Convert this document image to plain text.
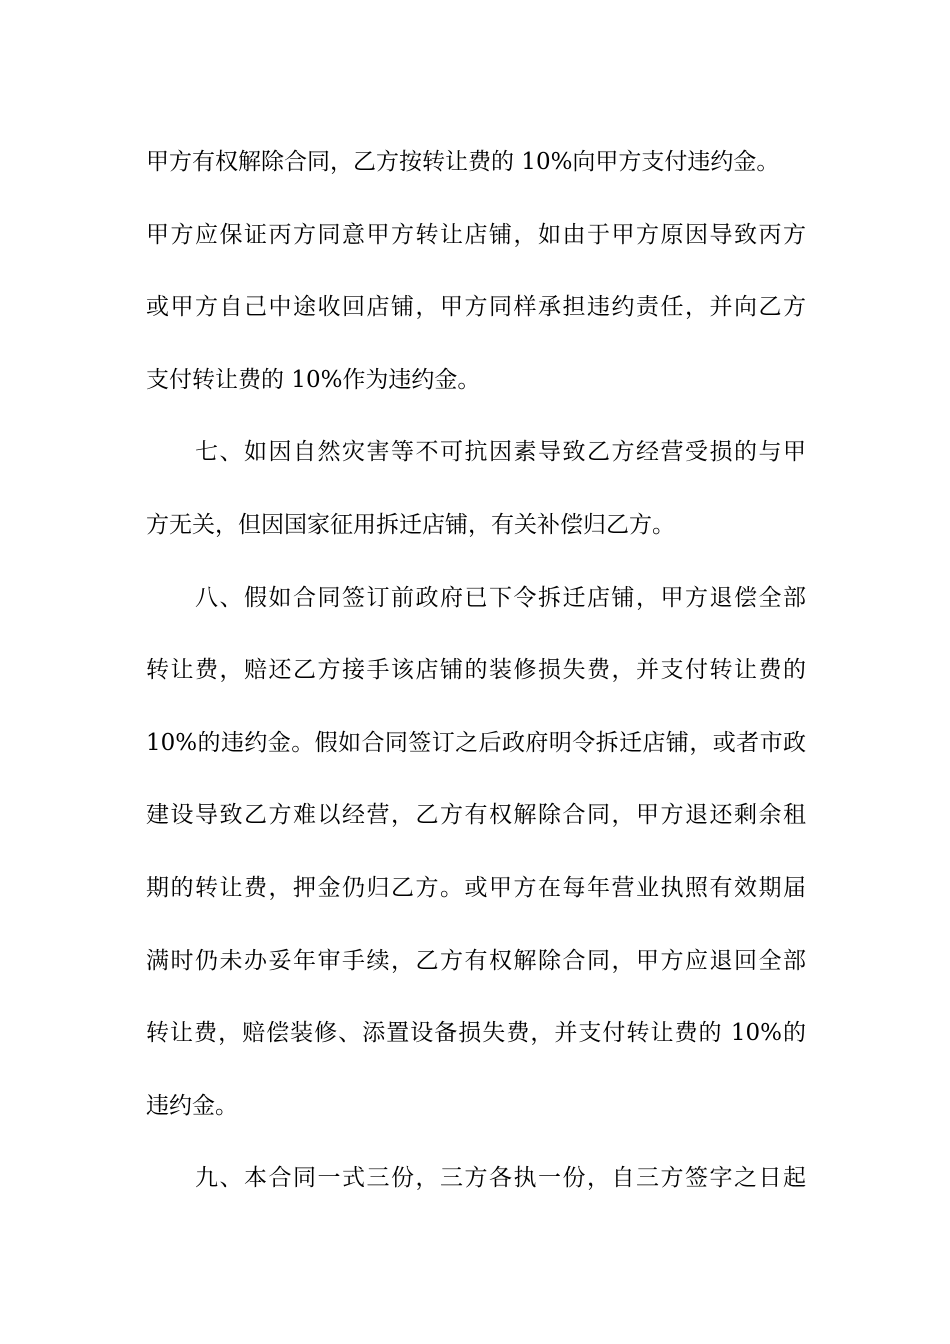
甲方有权解除合同，乙方按转让费的 10%向甲方支付违约金。
甲方应保证丙方同意甲方转让店铺，如由于甲方原因导致丙方
或甲方自己中途收回店铺，甲方同样承担违约责任，并向乙方
支付转让费的 10%作为违约金。
　　七、如因自然灾害等不可抗因素导致乙方经营受损的与甲
方无关，但因国家征用拆迁店铺，有关补偿归乙方。
　　八、假如合同签订前政府已下令拆迁店铺，甲方退偿全部
转让费，赔还乙方接手该店铺的装修损失费，并支付转让费的
10%的违约金。假如合同签订之后政府明令拆迁店铺，或者市政
建设导致乙方难以经营，乙方有权解除合同，甲方退还剩余租
期的转让费，押金仍归乙方。或甲方在每年营业执照有效期届
满时仍未办妥年审手续，乙方有权解除合同，甲方应退回全部
转让费，赔偿装修、添置设备损失费，并支付转让费的 10%的
违约金。
　　九、本合同一式三份，三方各执一份，自三方签字之日起
